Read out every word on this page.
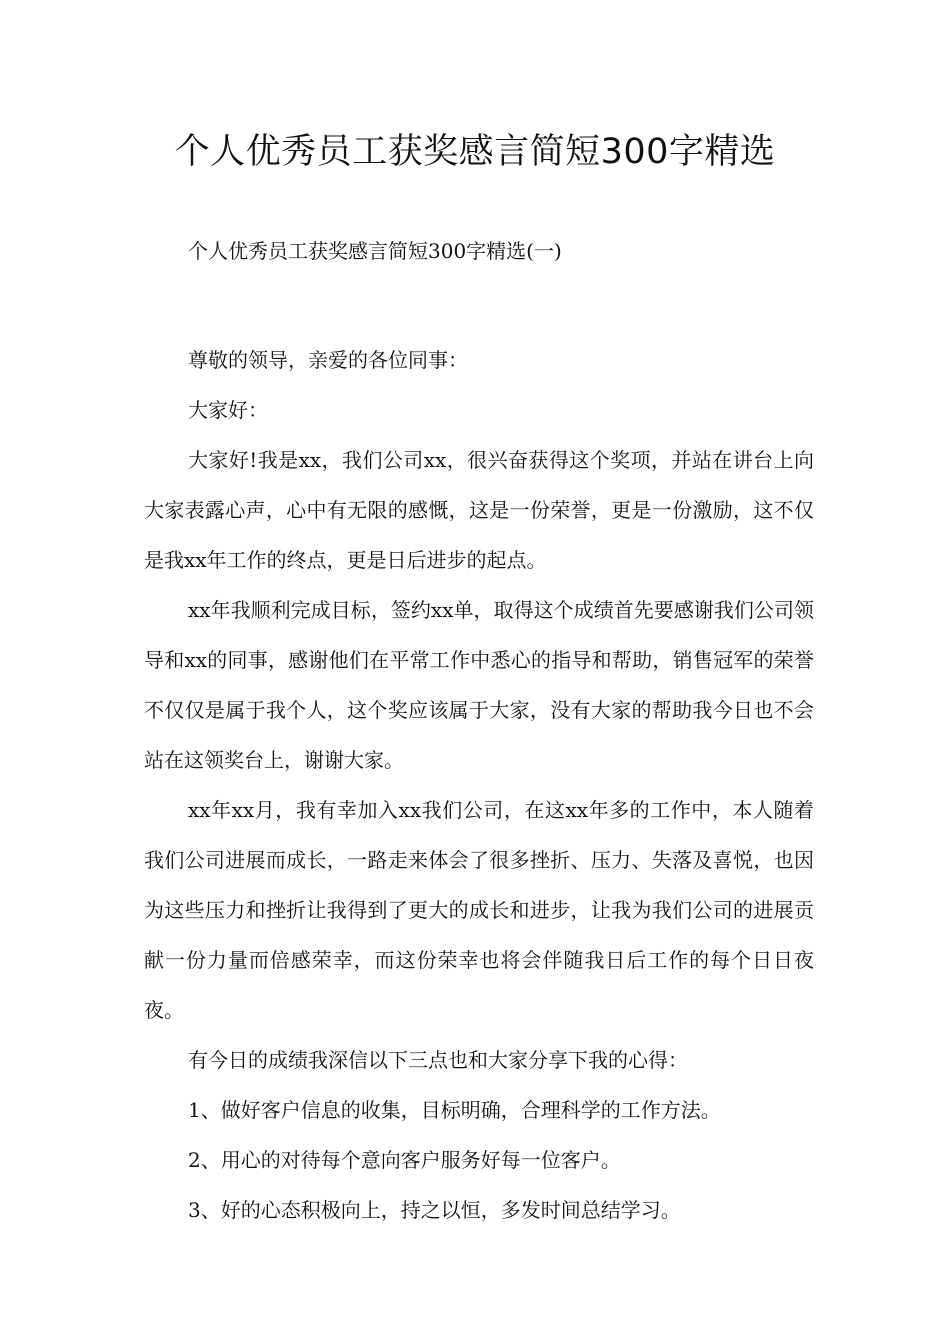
个人优秀员工获奖感言简短300字精选

个人优秀员工获奖感言简短300字精选(一)

尊敬的领导，亲爱的各位同事：

大家好：

大家好!我是xx，我们公司xx，很兴奋获得这个奖项，并站在讲台上向大家表露心声，心中有无限的感慨，这是一份荣誉，更是一份激励，这不仅是我xx年工作的终点，更是日后进步的起点。

xx年我顺利完成目标，签约xx单，取得这个成绩首先要感谢我们公司领导和xx的同事，感谢他们在平常工作中悉心的指导和帮助，销售冠军的荣誉不仅仅是属于我个人，这个奖应该属于大家，没有大家的帮助我今日也不会站在这领奖台上，谢谢大家。

xx年xx月，我有幸加入xx我们公司，在这xx年多的工作中，本人随着我们公司进展而成长，一路走来体会了很多挫折、压力、失落及喜悦，也因为这些压力和挫折让我得到了更大的成长和进步，让我为我们公司的进展贡献一份力量而倍感荣幸，而这份荣幸也将会伴随我日后工作的每个日日夜夜。

有今日的成绩我深信以下三点也和大家分享下我的心得：

1、做好客户信息的收集，目标明确，合理科学的工作方法。

2、用心的对待每个意向客户服务好每一位客户。

3、好的心态积极向上，持之以恒，多发时间总结学习。
